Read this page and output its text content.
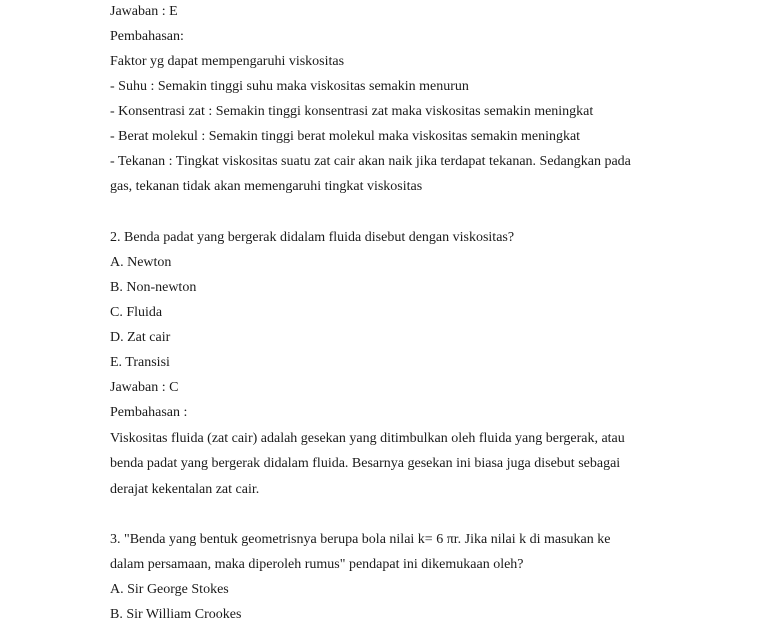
Jawaban : E
Pembahasan:
Faktor yg dapat mempengaruhi viskositas
- Suhu : Semakin tinggi suhu maka viskositas semakin menurun
- Konsentrasi zat : Semakin tinggi konsentrasi zat maka viskositas semakin meningkat
- Berat molekul : Semakin tinggi berat molekul maka viskositas semakin meningkat
- Tekanan : Tingkat viskositas suatu zat cair akan naik jika terdapat tekanan. Sedangkan pada
gas, tekanan tidak akan memengaruhi tingkat viskositas
2. Benda padat yang bergerak didalam fluida disebut dengan viskositas?
A. Newton
B. Non-newton
C. Fluida
D. Zat cair
E. Transisi
Jawaban : C
Pembahasan :
Viskositas fluida (zat cair) adalah gesekan yang ditimbulkan oleh fluida yang bergerak, atau
benda padat yang bergerak didalam fluida. Besarnya gesekan ini biasa juga disebut sebagai
derajat kekentalan zat cair.
3. "Benda yang bentuk geometrisnya berupa bola nilai k= 6 πr. Jika nilai k di masukan ke
dalam persamaan, maka diperoleh rumus" pendapat ini dikemukaan oleh?
A. Sir George Stokes
B. Sir William Crookes
